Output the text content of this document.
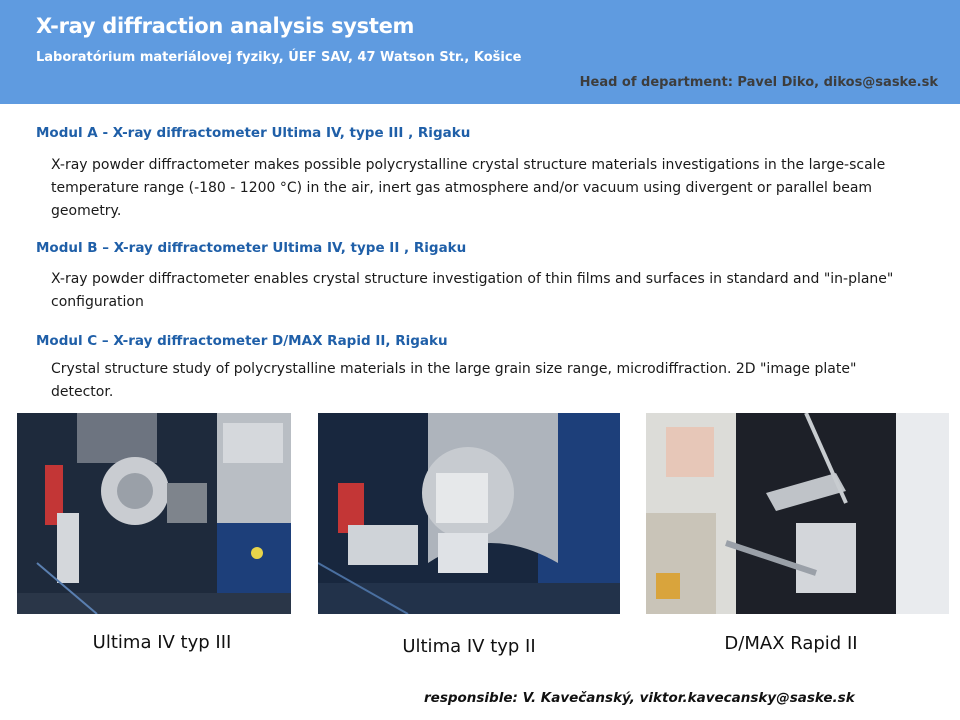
X-ray diffraction analysis system
Laboratórium materiálovej fyziky, ÚEF SAV, 47 Watson Str., Košice
Head of department: Pavel Diko, dikos@saske.sk
Modul A - X-ray diffractometer Ultima IV, type III , Rigaku
X-ray powder diffractometer makes possible polycrystalline crystal structure materials investigations in the large-scale temperature range (-180 - 1200 °C) in the air, inert gas atmosphere and/or vacuum using divergent or parallel beam geometry.
Modul B – X-ray diffractometer Ultima IV, type II , Rigaku
X-ray powder diffractometer enables crystal structure investigation of thin films and surfaces in standard and "in-plane" configuration
Modul C – X-ray diffractometer D/MAX Rapid II, Rigaku
Crystal structure study of polycrystalline materials in the large grain size range, microdiffraction. 2D "image plate" detector.
Ultima IV typ III	Ultima IV typ II	D/MAX Rapid II
responsible: V. Kavečanský, viktor.kavecansky@saske.sk
